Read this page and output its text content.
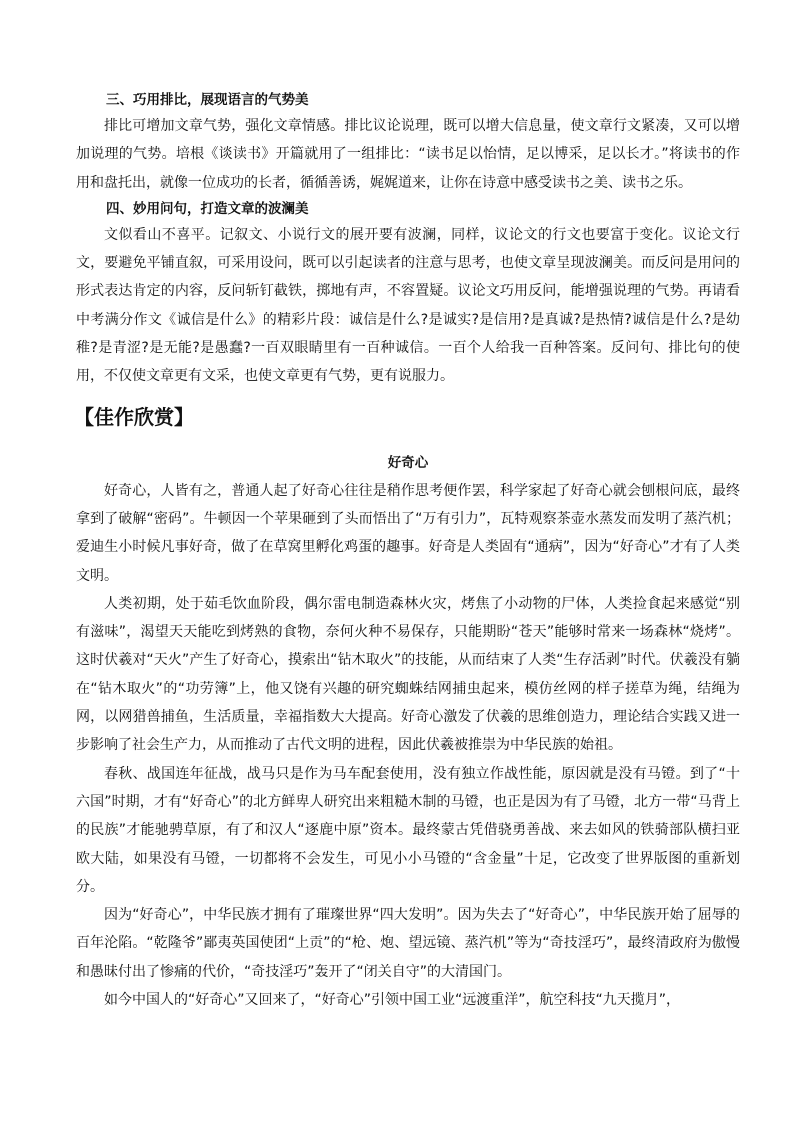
三、巧用排比，展现语言的气势美

排比可增加文章气势，强化文章情感。排比议论说理，既可以增大信息量，使文章行文紧凑，又可以增加说理的气势。培根《谈读书》开篇就用了一组排比：“读书足以怡情，足以博采，足以长才。”将读书的作用和盘托出，就像一位成功的长者，循循善诱，娓娓道来，让你在诗意中感受读书之美、读书之乐。

四、妙用问句，打造文章的波澜美

文似看山不喜平。记叙文、小说行文的展开要有波澜，同样，议论文的行文也要富于变化。议论文行文，要避免平铺直叙，可采用设问，既可以引起读者的注意与思考，也使文章呈现波澜美。而反问是用问的形式表达肯定的内容，反问斩钉截铁，掷地有声，不容置疑。议论文巧用反问，能增强说理的气势。再请看中考满分作文《诚信是什么》的精彩片段：诚信是什么?是诚实?是信用?是真诚?是热情?诚信是什么?是幼稚?是青涩?是无能?是愚蠢?一百双眼睛里有一百种诚信。一百个人给我一百种答案。反问句、排比句的使用，不仅使文章更有文采，也使文章更有气势，更有说服力。

【佳作欣赏】
好奇心

好奇心，人皆有之，普通人起了好奇心往往是稍作思考便作罢，科学家起了好奇心就会刨根问底，最终拿到了破解“密码”。牛顿因一个苹果砸到了头而悟出了“万有引力”，瓦特观察茶壶水蒸发而发明了蒸汽机；爱迪生小时候凡事好奇，做了在草窝里孵化鸡蛋的趣事。好奇是人类固有“通病”，因为“好奇心”才有了人类文明。

人类初期，处于茹毛饮血阶段，偶尔雷电制造森林火灾，烤焦了小动物的尸体，人类捡食起来感觉“别有滋味”，渴望天天能吃到烤熟的食物，奈何火种不易保存，只能期盼“苍天”能够时常来一场森林“烧烤”。这时伏羲对“天火”产生了好奇心，摸索出“钻木取火”的技能，从而结束了人类“生存活剥”时代。伏羲没有躺在“钻木取火”的“功劳簿”上，他又饶有兴趣的研究蜘蛛结网捕虫起来，模仿丝网的样子搓草为绳，结绳为网，以网猎兽捕鱼，生活质量，幸福指数大大提高。好奇心激发了伏羲的思维创造力，理论结合实践又进一步影响了社会生产力，从而推动了古代文明的进程，因此伏羲被推崇为中华民族的始祖。

春秋、战国连年征战，战马只是作为马车配套使用，没有独立作战性能，原因就是没有马镫。到了“十六国”时期，才有“好奇心”的北方鲜卑人研究出来粗糙木制的马镫，也正是因为有了马镫，北方一带“马背上的民族”才能驰骋草原，有了和汉人“逐鹿中原”资本。最终蒙古凭借骁勇善战、来去如风的铁骑部队横扫亚欧大陆，如果没有马镫，一切都将不会发生，可见小小马镫的“含金量”十足，它改变了世界版图的重新划分。

因为“好奇心”，中华民族才拥有了璀璨世界“四大发明”。因为失去了“好奇心”，中华民族开始了屈辱的百年沦陷。“乾隆爷”鄙夷英国使团“上贡”的“枪、炮、望远镜、蒸汽机”等为“奇技淫巧”，最终清政府为傲慢和愚昧付出了惨痛的代价，“奇技淫巧”轰开了“闭关自守”的大清国门。

如今中国人的“好奇心”又回来了，“好奇心”引领中国工业“远渡重洋”，航空科技“九天揽月”，
